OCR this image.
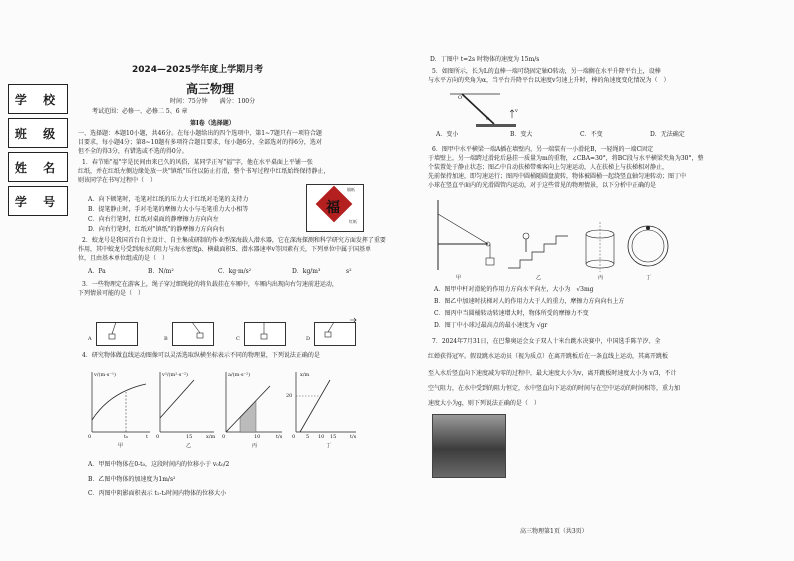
学 校
班 级
姓 名
学 号
2024—2025学年度上学期月考
高三物理
时间：75分钟　　满分：100分
考试范围：必修一、必修二 5、6 章
第Ⅰ卷（选择题）
一、选择题：本题10小题，共46分。在每小题给出的四个选项中，第1~7题只有一项符合题
目要求，每小题4分；第8~10题有多项符合题目要求，每小题6分，全部选对的得6分，选对
但不全的得3分，有错选或不选的得0分。
1．春节贴"福"字是民间由来已久的风俗，某同学正写"福"字，他在水平桌面上平铺一张
红纸，并在红纸左侧边缘处放一块"镇纸"压住以防止打滑，整个书写过程中红纸始终保持静止，
则该同学在书写过程中（　）
A．向下顿笔时，毛笔对红纸的压力大于红纸对毛笔的支持力
B．提笔静止时，手对毛笔的摩擦力大小与毛笔重力大小相等
C．向右行笔时，红纸对桌面的静摩擦力方向向左
D．向右行笔时，红纸对"镇纸"的静摩擦力方向向右
福
镇纸
红纸
2．蛟龙号是我国首台自主设计、自主集成研制的作业型深海载人潜水器，它在深海探测和科学研究方面发挥了重要
作用，其中蛟龙号受到海水的阻力与海水密度ρ、横截面积S、潜水器速率v等因素有关，下列单位中属于国基单
位，且由基本单位组成的是（　）
A．Pa	B．N/m²	C．kg·m/s²	D．kg/m³	s²
3．一些物理定在游客上，绳子穿过细绳轮的将负载挂在车厢中，车厢内出现向右匀速前进运动，
下列情景可能的是（　）
A	B	C	D
4．研究物体做直线运动图像可以灵活选取纵横坐标表示不同的物理量，下列说法正确的是
v/(m·s⁻¹)
t
0	t₀
甲
v²/(m²·s⁻²)
x/m
0	15
乙
a/(m·s⁻²)
t/s
0	10
丙
x/m
t/s
0 5 10 15
20
丁
A．甲图中物体在0-t₀，这段时间内的位移小于 v₀t₀/2
B．乙图中物体的加速度为1m/s²
C．丙图中阴影面积表示 t₁-t₂时间内物体的位移大小
D．丁图中 t=2s 时物体的速度为 15m/s
5．如图所示，长为L的直棒一端可绕固定轴O转动，另一端搁在水平升降平台上，设棒
与水平方向的夹角为α，当平台升降平台以速度v匀速上升时，棒的角速度变化情况为（　）
O
α
v
A．变小	B．变大	C．不变	D．无法确定
6．图甲中水平横梁一端A插在墙壁内，另一端装有一小滑轮B，一轻绳的一端C固定
于墙壁上，另一端跨过滑轮后悬挂一质量为m的重物，∠CBA=30°，将BC段与水平横梁夹角为30°，整
个装置处于静止状态；图乙中自动扶梯带乘客向上匀速运动，人在扶梯上与扶梯相对静止，
先前保持加速，即匀速运行；图丙中圆桶随圆盘旋转，物体被圆桶一起绕竖直轴匀速转动；图丁中
小球在竖直平面内的光滑圆管内运动，对于这些常见的物理情景，以下分析中正确的是
甲	乙	丙	丁
A．图甲中杆对滑轮的作用力方向水平向左，大小为　√3mg
B．图乙中加速时扶梯对人的作用力大于人的重力，摩擦力方向向右上方
C．图丙中当圆桶转动转速增大时，物体所受的摩擦力不变
D．图丁中小球过最高点的最小速度为 √gr
7．2024年7月31日，在巴黎奥运会女子双人十米台跳水决赛中，中国选手陈芋汐、全
红婵获得冠军。假设跳水运动员（视为质点）在离开跳板后在一条直线上运动，其离开跳板
至入水后竖直向下速度减为零的过程中，最大速度大小为v，离开跳板时速度大小为 v/3，不计
空气阻力，在水中受到的阻力恒定，水中竖直向下运动的时间与在空中运动的时间相等，重力加
速度大小为g，则下列说法正确的是（　）
高三物理第1页（共3页）
